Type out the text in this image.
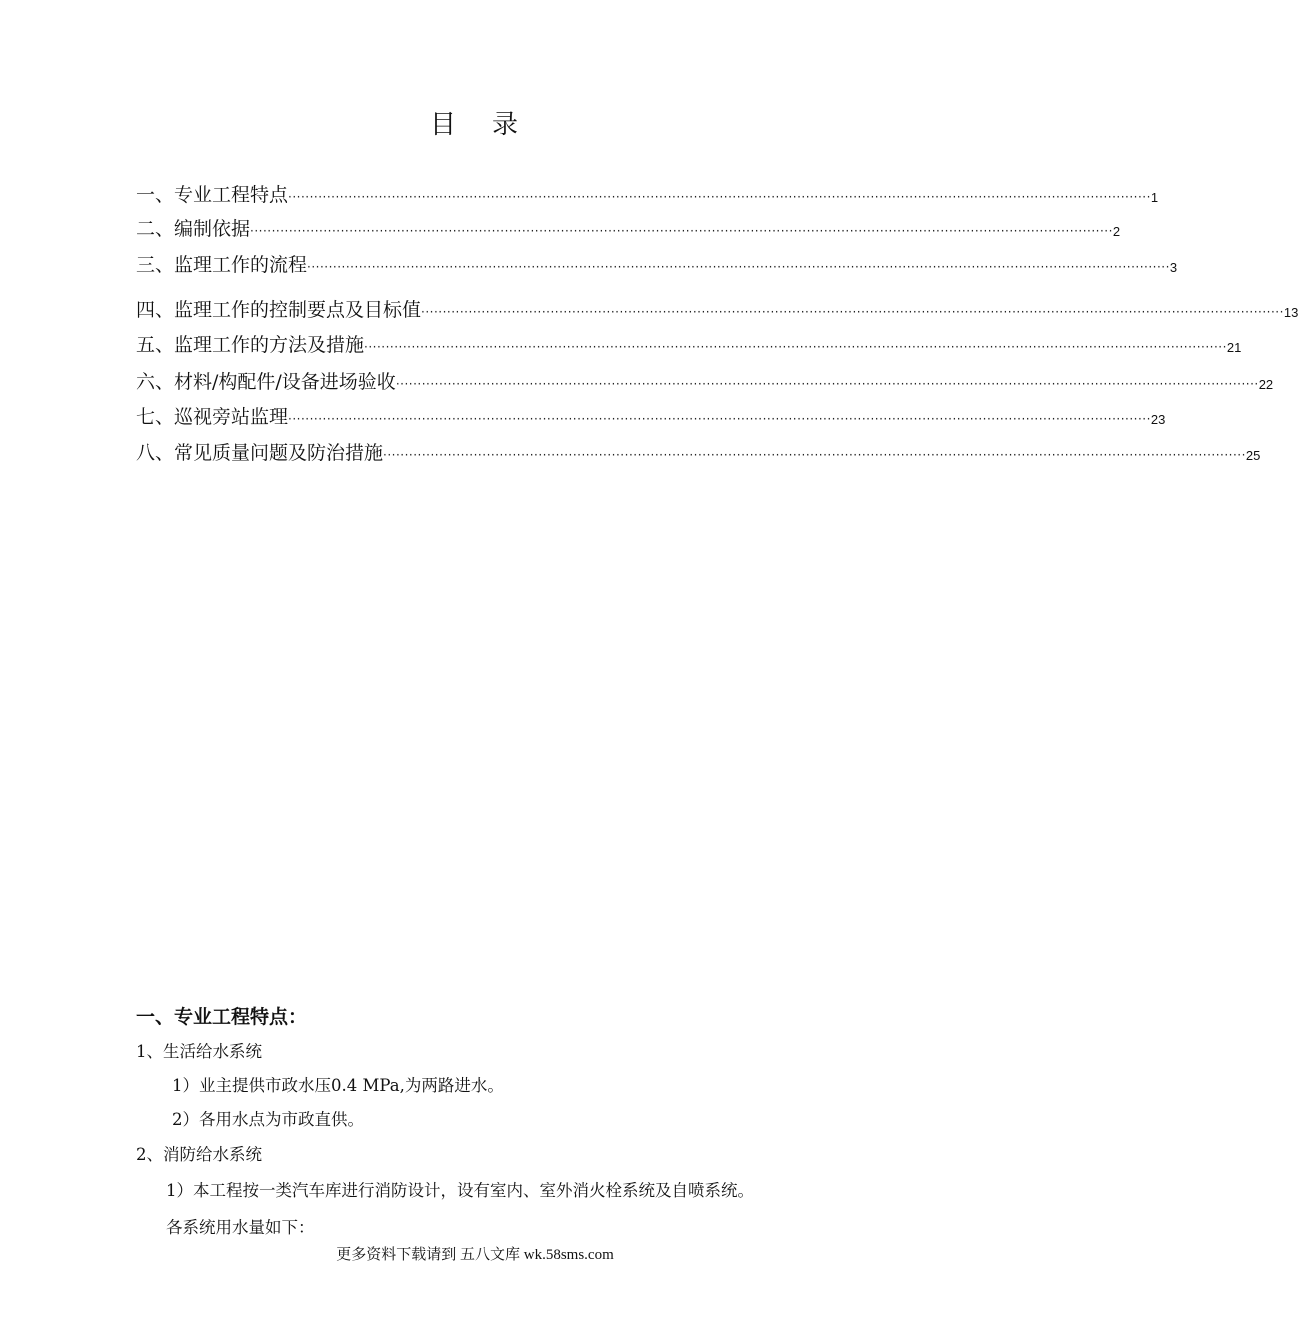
目 录
一、专业工程特点 ········································································································································································································ 1
二、编制依据 ········································································································································································································ 2
三、监理工作的流程 ········································································································································································································ 3
四、监理工作的控制要点及目标值 ········································································································································································································ 13
五、监理工作的方法及措施 ········································································································································································································ 21
六、材料/构配件/设备进场验收 ········································································································································································································ 22
七、巡视旁站监理 ········································································································································································································ 23
八、常见质量问题及防治措施 ········································································································································································································ 25
一、专业工程特点：
1、生活给水系统
1）业主提供市政水压0.4 MPa,为两路进水。
2）各用水点为市政直供。
2、消防给水系统
1）本工程按一类汽车库进行消防设计，设有室内、室外消火栓系统及自喷系统。
各系统用水量如下：
更多资料下载请到 五八文库 wk.58sms.com
